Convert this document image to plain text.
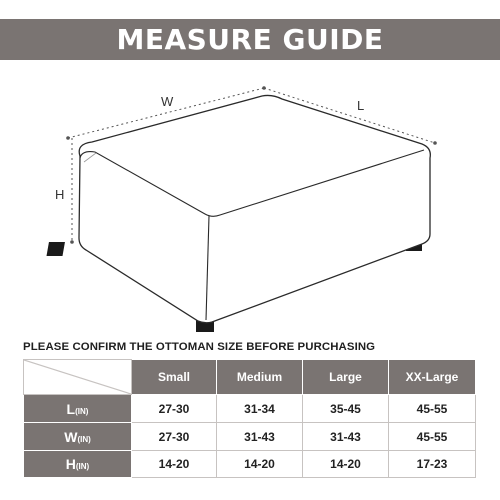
MEASURE GUIDE
W	L
H
PLEASE CONFIRM THE OTTOMAN SIZE BEFORE PURCHASING
	Small	Medium	Large	XX-Large
L(IN)	27-30	31-34	35-45	45-55
W(IN)	27-30	31-43	31-43	45-55
H(IN)	14-20	14-20	14-20	17-23
